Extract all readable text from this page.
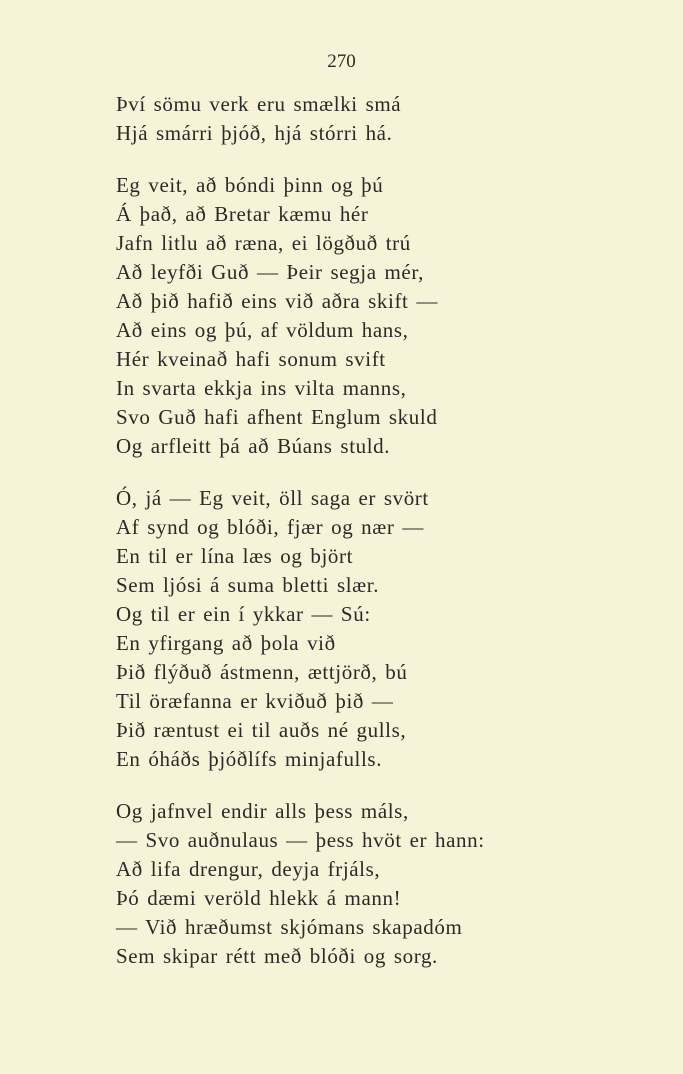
270
Því sömu verk eru smælki smá
Hjá smárri þjóð, hjá stórri há.
Eg veit, að bóndi þinn og þú
Á það, að Bretar kæmu hér
Jafn litlu að ræna, ei lögðuð trú
Að leyfði Guð — Þeir segja mér,
Að þið hafið eins við aðra skift —
Að eins og þú, af völdum hans,
Hér kveinað hafi sonum svift
In svarta ekkja ins vilta manns,
Svo Guð hafi afhent Englum skuld
Og arfleitt þá að Búans stuld.
Ó, já — Eg veit, öll saga er svört
Af synd og blóði, fjær og nær —
En til er lína læs og björt
Sem ljósi á suma bletti slær.
Og til er ein í ykkar — Sú:
En yfirgang að þola við
Þið flýðuð ástmenn, ættjörð, bú
Til öræfanna er kviðuð þið —
Þið ræntust ei til auðs né gulls,
En óháðs þjóðlífs minjafulls.
Og jafnvel endir alls þess máls,
— Svo auðnulaus — þess hvöt er hann:
Að lifa drengur, deyja frjáls,
Þó dæmi veröld hlekk á mann!
— Við hræðumst skjómans skapadóm
Sem skipar rétt með blóði og sorg.
